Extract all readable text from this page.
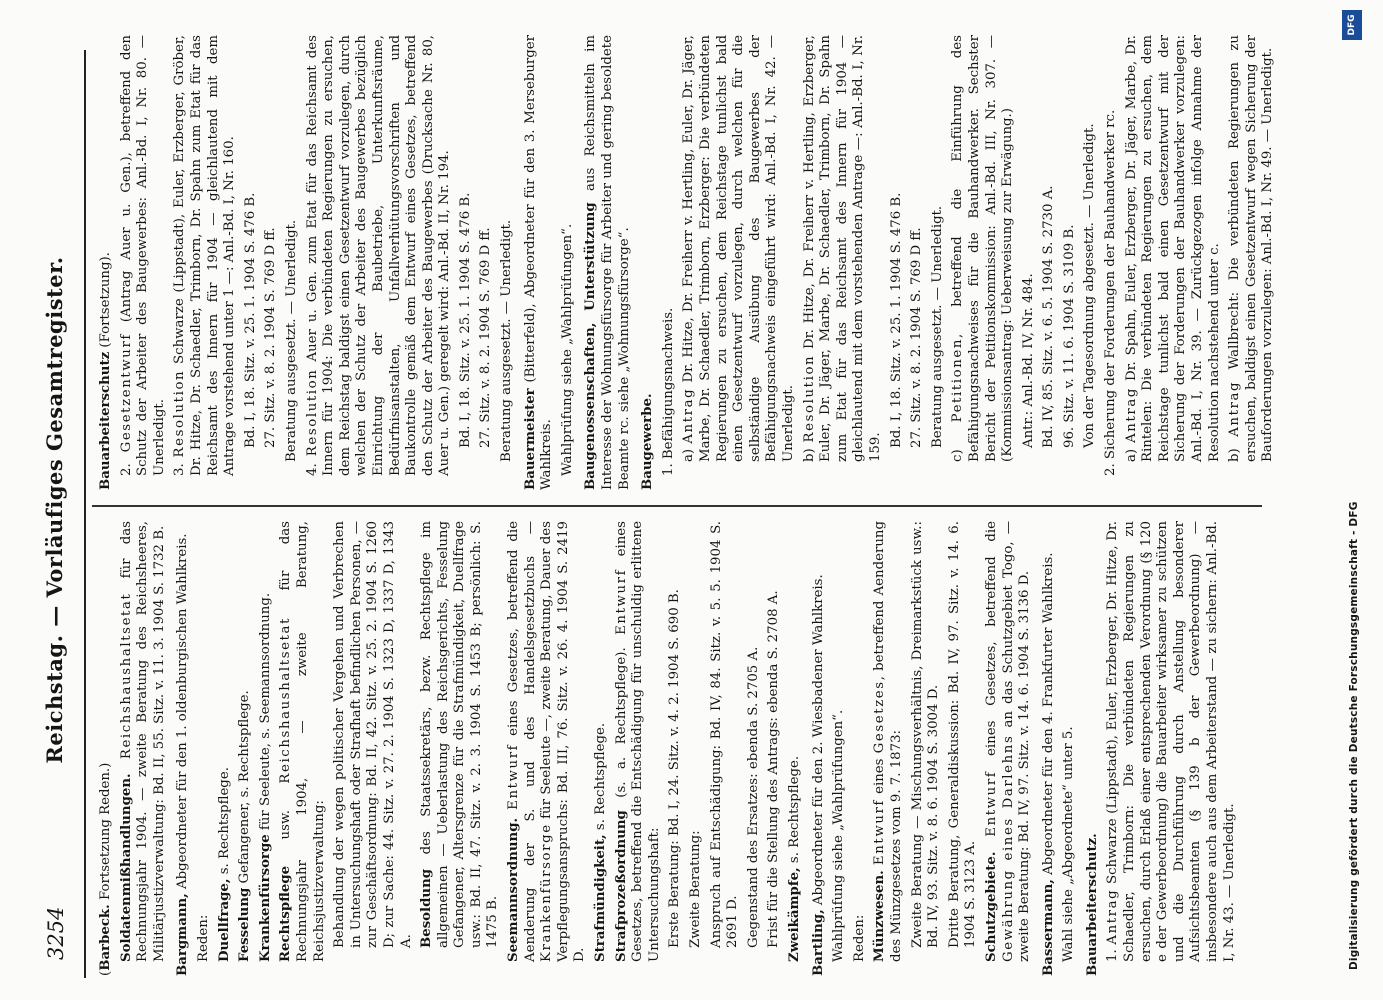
3254
Reichstag. — Vorläufiges Gesamtregister.
(Barbeck. Fortsetzung Reden.) Soldatenmißhandlungen. Reichshaushaltsetat für das Rechnungsjahr 1904. — zweite Beratung des Reichsheeres, Militärjustizverwaltung: Bd. II, 55. Sitz. v. 11. 3. 1904 S. 1732 B. Bargmann, Abgeordneter für den 1. oldenburgischen Wahlkreis.
Reden: Duellfrage, s. Rechtspflege.
Fesselung Gefangener, s. Rechtspflege.
Krankenfürsorge für Seeleute, s. Seemannsordnung.
Rechtspflege usw. Reichshaushaltsetat für das Rechnungsjahr 1904, — zweite Beratung, Reichsjustizverwaltung: Behandlung der wegen politischer Vergehen und Verbrechen in Untersuchungshaft oder Strafhaft befindlichen Personen, — zur Geschäftsordnung: Bd. II, 42. Sitz. v. 25. 2. 1904 S. 1260 D; zur Sache: 44. Sitz. v. 27. 2. 1904 S. 1323 D, 1337 D, 1343 A. Besoldung des Staatssekretärs, bezw. Rechtspflege im allgemeinen — Ueberlastung des Reichsgerichts, Fesselung Gefangener, Altersgrenze für die Strafmündigkeit, Duellfrage usw.: Bd. II, 47. Sitz. v. 2. 3. 1904 S. 1453 B; persönlich: S. 1475 B. Seemannsordnung. Entwurf eines Gesetzes, betreffend die Aenderung der S. und des Handelsgesetzbuchs — Krankenfürsorge für Seeleute —, zweite Beratung, Dauer des Verpflegungsanspruchs: Bd. III, 76. Sitz. v. 26. 4. 1904 S. 2419 D. Strafmündigkeit, s. Rechtspflege.
Strafprozeßordnung (s. a. Rechtspflege). Entwurf eines Gesetzes, betreffend die Entschädigung für unschuldig erlittene Untersuchungshaft: Erste Beratung: Bd. I, 24. Sitz. v. 4. 2. 1904 S. 690 B. Zweite Beratung: Anspruch auf Entschädigung: Bd. IV, 84. Sitz. v. 5. 5. 1904 S. 2691 D. Gegenstand des Ersatzes: ebenda S. 2705 A. Frist für die Stellung des Antrags: ebenda S. 2708 A. Zweikämpfe, s. Rechtspflege.
Bartling, Abgeordneter für den 2. Wiesbadener Wahlkreis. Wahlprüfung siehe „Wahlprüfungen“. Reden: Münzwesen. Entwurf eines Gesetzes, betreffend Aenderung des Münzgesetzes vom 9. 7. 1873: Zweite Beratung — Mischungsverhältnis, Dreimarkstück usw.: Bd. IV, 93. Sitz. v. 8. 6. 1904 S. 3004 D. Dritte Beratung, Generaldiskussion: Bd. IV, 97. Sitz. v. 14. 6. 1904 S. 3123 A. Schutzgebiete. Entwurf eines Gesetzes, betreffend die Gewährung eines Darlehns an das Schutzgebiet Togo, — zweite Beratung: Bd. IV, 97. Sitz. v. 14. 6. 1904 S. 3136 D. Bassermann, Abgeordneter für den 4. Frankfurter Wahlkreis. Wahl siehe „Abgeordnete“ unter 5. Bauarbeiterschutz. 1. Antrag Schwarze (Lippstadt), Euler, Erzberger, Dr. Hitze, Dr. Schaedler, Trimborn: Die verbündeten Regierungen zu ersuchen, durch Erlaß einer entsprechenden Verordnung (§ 120 e der Gewerbeordnung) die Bauarbeiter wirksamer zu schützen und die Durchführung durch Anstellung besonderer Aufsichtsbeamten (§ 139 b der Gewerbeordnung) — insbesondere auch aus dem Arbeiterstand — zu sichern: Anl.-Bd. I, Nr. 43. — Unerledigt.
Bauarbeiterschutz (Fortsetzung).
2. Gesetzentwurf (Antrag Auer u. Gen.), betreffend den Schutz der Arbeiter des Baugewerbes: Anl.-Bd. I, Nr. 80. — Unerledigt. 3. Resolution Schwarze (Lippstadt), Euler, Erzberger, Gröber, Dr. Hitze, Dr. Schaedler, Trimborn, Dr. Spahn zum Etat für das Reichsamt des Innern für 1904 — gleichlautend mit dem Antrage vorstehend unter 1 —: Anl.-Bd. I, Nr. 160. Bd. I, 18. Sitz. v. 25. 1. 1904 S. 476 B. 27. Sitz. v. 8. 2. 1904 S. 769 D ff. Beratung ausgesetzt. — Unerledigt.
4. Resolution Auer u. Gen. zum Etat für das Reichsamt des Innern für 1904: Die verbündeten Regierungen zu ersuchen, dem Reichstag baldigst einen Gesetzentwurf vorzulegen, durch welchen der Schutz der Arbeiter des Baugewerbes bezüglich Einrichtung der Baubetriebe, Unterkunftsräume, Bedürfnisanstalten, Unfallverhütungsvorschriften und Baukontrolle gemäß dem Entwurf eines Gesetzes, betreffend den Schutz der Arbeiter des Baugewerbes (Drucksache Nr. 80, Auer u. Gen.) geregelt wird: Anl.-Bd. II, Nr. 194. Bd. I, 18. Sitz. v. 25. 1. 1904 S. 476 B. 27. Sitz. v. 8. 2. 1904 S. 769 D ff. Beratung ausgesetzt. — Unerledigt. Bauermeister (Bitterfeld), Abgeordneter für den 3. Merseburger Wahlkreis. Wahlprüfung siehe „Wahlprüfungen“. Baugenossenschaften, Unterstützung aus Reichsmitteln im Interesse der Wohnungsfürsorge für Arbeiter und gering besoldete Beamte rc. siehe „Wohnungsfürsorge“. Baugewerbe. 1. Befähigungsnachweis. a) Antrag Dr. Hitze, Dr. Freiherr v. Hertling, Euler, Dr. Jäger, Marbe, Dr. Schaedler, Trimborn, Erzberger: Die verbündeten Regierungen zu ersuchen, dem Reichstage tunlichst bald einen Gesetzentwurf vorzulegen, durch welchen für die selbständige Ausübung des Baugewerbes der Befähigungsnachweis eingeführt wird: Anl.-Bd. I, Nr. 42. — Unerledigt. b) Resolution Dr. Hitze, Dr. Freiherr v. Hertling, Erzberger, Euler, Dr. Jäger, Marbe, Dr. Schaedler, Trimborn, Dr. Spahn zum Etat für das Reichsamt des Innern für 1904 — gleichlautend mit dem vorstehenden Antrage —: Anl.-Bd. I, Nr. 159. Bd. I, 18. Sitz. v. 25. 1. 1904 S. 476 B. 27. Sitz. v. 8. 2. 1904 S. 769 D ff. Beratung ausgesetzt. — Unerledigt. c) Petitionen, betreffend die Einführung des Befähigungsnachweises für die Bauhandwerker. Sechster Bericht der Petitionskommission: Anl.-Bd. III, Nr. 307. — (Kommissionsantrag: Ueberweisung zur Erwägung.) Antr.: Anl.-Bd. IV, Nr. 484. Bd. IV, 85. Sitz. v. 6. 5. 1904 S. 2730 A. 96. Sitz. v. 11. 6. 1904 S. 3109 B. Von der Tagesordnung abgesetzt. — Unerledigt. 2. Sicherung der Forderungen der Bauhandwerker rc. a) Antrag Dr. Spahn, Euler, Erzberger, Dr. Jäger, Marbe, Dr. Rintelen: Die verbündeten Regierungen zu ersuchen, dem Reichstage tunlichst bald einen Gesetzentwurf mit der Sicherung der Forderungen der Bauhandwerker vorzulegen: Anl.-Bd. I, Nr. 39. — Zurückgezogen infolge Annahme der Resolution nachstehend unter c. b) Antrag Wallbrecht: Die verbündeten Regierungen zu ersuchen, baldigst einen Gesetzentwurf wegen Sicherung der Bauforderungen vorzulegen: Anl.-Bd. I, Nr. 49. — Unerledigt.
Digitalisierung gefördert durch die Deutsche Forschungsgemeinschaft - DFG
DFG
